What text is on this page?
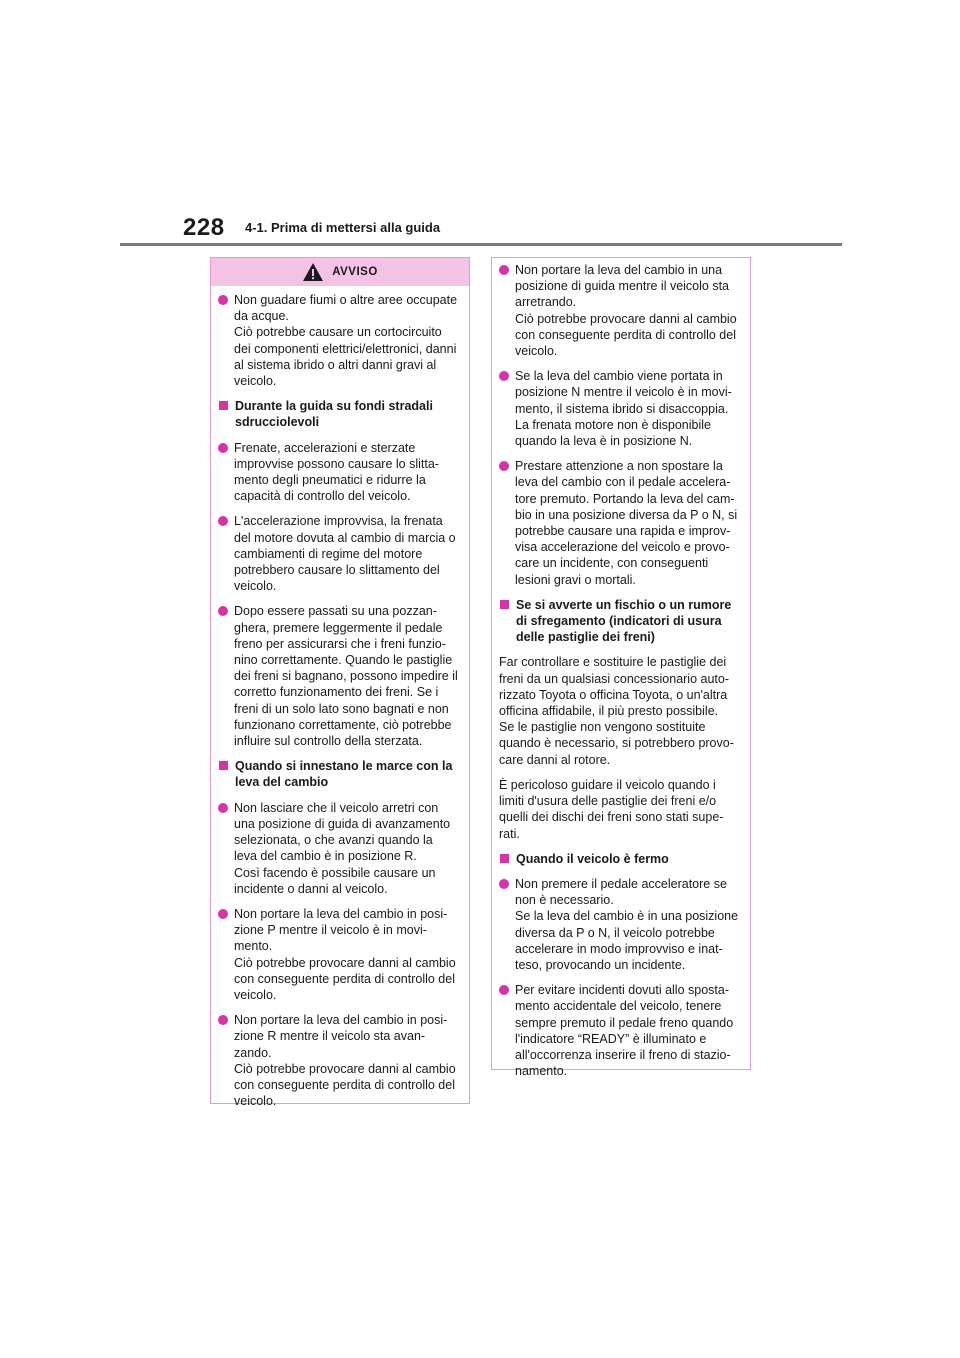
228 4-1. Prima di mettersi alla guida
AVVISO
Non guadare fiumi o altre aree occupate
da acque.
Ciò potrebbe causare un cortocircuito
dei componenti elettrici/elettronici, danni
al sistema ibrido o altri danni gravi al
veicolo.
Durante la guida su fondi stradali
sdrucciolevoli
Frenate, accelerazioni e sterzate
improvvise possono causare lo slitta-
mento degli pneumatici e ridurre la
capacità di controllo del veicolo.
L'accelerazione improvvisa, la frenata
del motore dovuta al cambio di marcia o
cambiamenti di regime del motore
potrebbero causare lo slittamento del
veicolo.
Dopo essere passati su una pozzan-
ghera, premere leggermente il pedale
freno per assicurarsi che i freni funzio-
nino correttamente. Quando le pastiglie
dei freni si bagnano, possono impedire il
corretto funzionamento dei freni. Se i
freni di un solo lato sono bagnati e non
funzionano correttamente, ciò potrebbe
influire sul controllo della sterzata.
Quando si innestano le marce con la
leva del cambio
Non lasciare che il veicolo arretri con
una posizione di guida di avanzamento
selezionata, o che avanzi quando la
leva del cambio è in posizione R.
Così facendo è possibile causare un
incidente o danni al veicolo.
Non portare la leva del cambio in posi-
zione P mentre il veicolo è in movi-
mento.
Ciò potrebbe provocare danni al cambio
con conseguente perdita di controllo del
veicolo.
Non portare la leva del cambio in posi-
zione R mentre il veicolo sta avan-
zando.
Ciò potrebbe provocare danni al cambio
con conseguente perdita di controllo del
veicolo.
Non portare la leva del cambio in una
posizione di guida mentre il veicolo sta
arretrando.
Ciò potrebbe provocare danni al cambio
con conseguente perdita di controllo del
veicolo.
Se la leva del cambio viene portata in
posizione N mentre il veicolo è in movi-
mento, il sistema ibrido si disaccoppia.
La frenata motore non è disponibile
quando la leva è in posizione N.
Prestare attenzione a non spostare la
leva del cambio con il pedale accelera-
tore premuto. Portando la leva del cam-
bio in una posizione diversa da P o N, si
potrebbe causare una rapida e improv-
visa accelerazione del veicolo e provo-
care un incidente, con conseguenti
lesioni gravi o mortali.
Se si avverte un fischio o un rumore
di sfregamento (indicatori di usura
delle pastiglie dei freni)
Far controllare e sostituire le pastiglie dei
freni da un qualsiasi concessionario auto-
rizzato Toyota o officina Toyota, o un'altra
officina affidabile, il più presto possibile.
Se le pastiglie non vengono sostituite
quando è necessario, si potrebbero provo-
care danni al rotore.
È pericoloso guidare il veicolo quando i
limiti d'usura delle pastiglie dei freni e/o
quelli dei dischi dei freni sono stati supe-
rati.
Quando il veicolo è fermo
Non premere il pedale acceleratore se
non è necessario.
Se la leva del cambio è in una posizione
diversa da P o N, il veicolo potrebbe
accelerare in modo improvviso e inat-
teso, provocando un incidente.
Per evitare incidenti dovuti allo sposta-
mento accidentale del veicolo, tenere
sempre premuto il pedale freno quando
l'indicatore “READY” è illuminato e
all'occorrenza inserire il freno di stazio-
namento.
